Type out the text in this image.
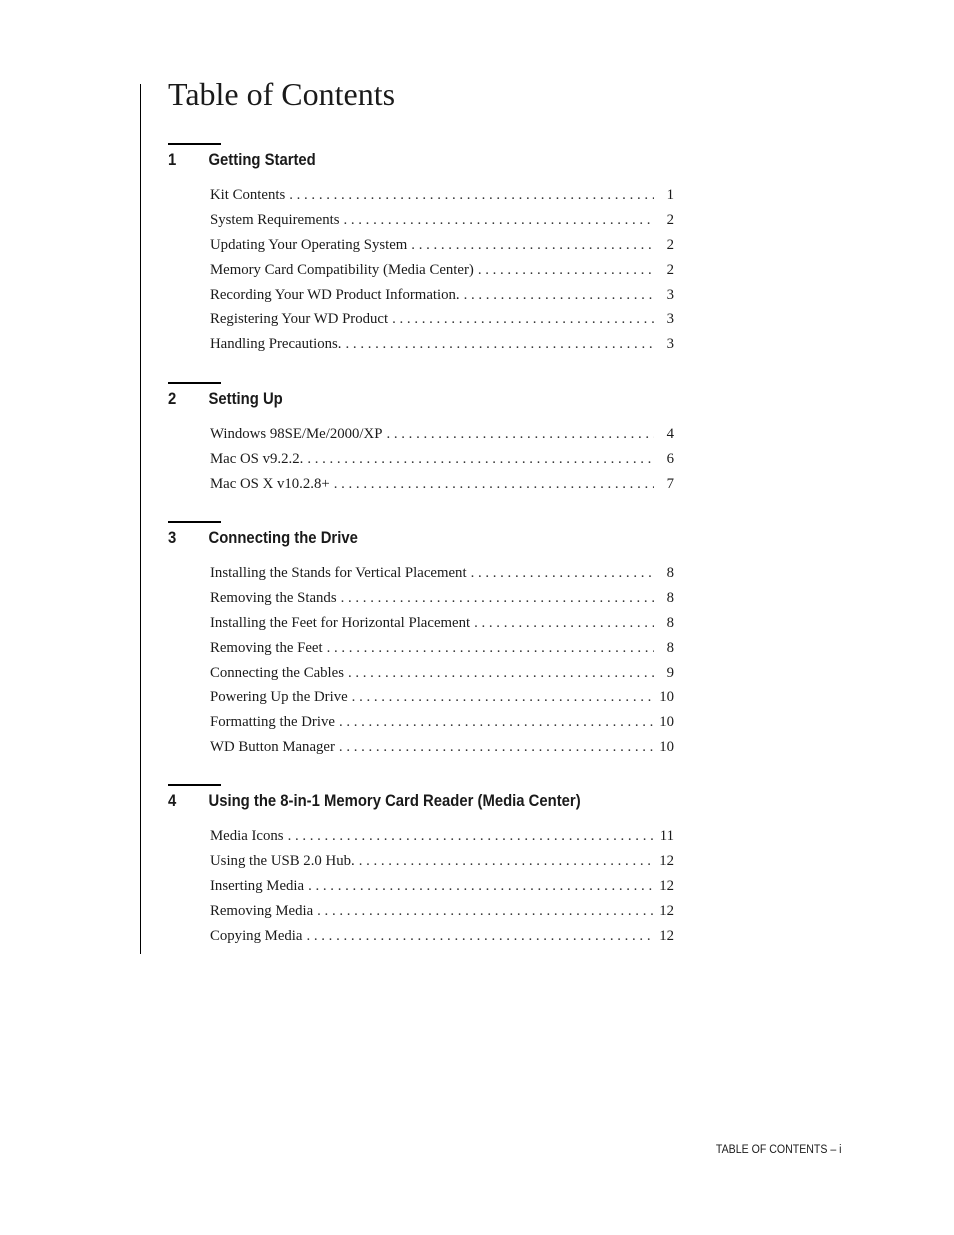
Table of Contents
1	Getting Started
Kit Contents . . .	1
System Requirements . . .	2
Updating Your Operating System . . .	2
Memory Card Compatibility (Media Center) . . .	2
Recording Your WD Product Information. . . .	3
Registering Your WD Product . . .	3
Handling Precautions. . . .	3
2	Setting Up
Windows 98SE/Me/2000/XP . . .	4
Mac OS v9.2.2. . . .	6
Mac OS X v10.2.8+ . . .	7
3	Connecting the Drive
Installing the Stands for Vertical Placement . . .	8
Removing the Stands . . .	8
Installing the Feet for Horizontal Placement . . .	8
Removing the Feet . . .	8
Connecting the Cables . . .	9
Powering Up the Drive . . .	10
Formatting the Drive . . .	10
WD Button Manager . . .	10
4	Using the 8-in-1 Memory Card Reader (Media Center)
Media Icons . . .	11
Using the USB 2.0 Hub. . . .	12
Inserting Media . . .	12
Removing Media . . .	12
Copying Media . . .	12
TABLE OF CONTENTS – i
